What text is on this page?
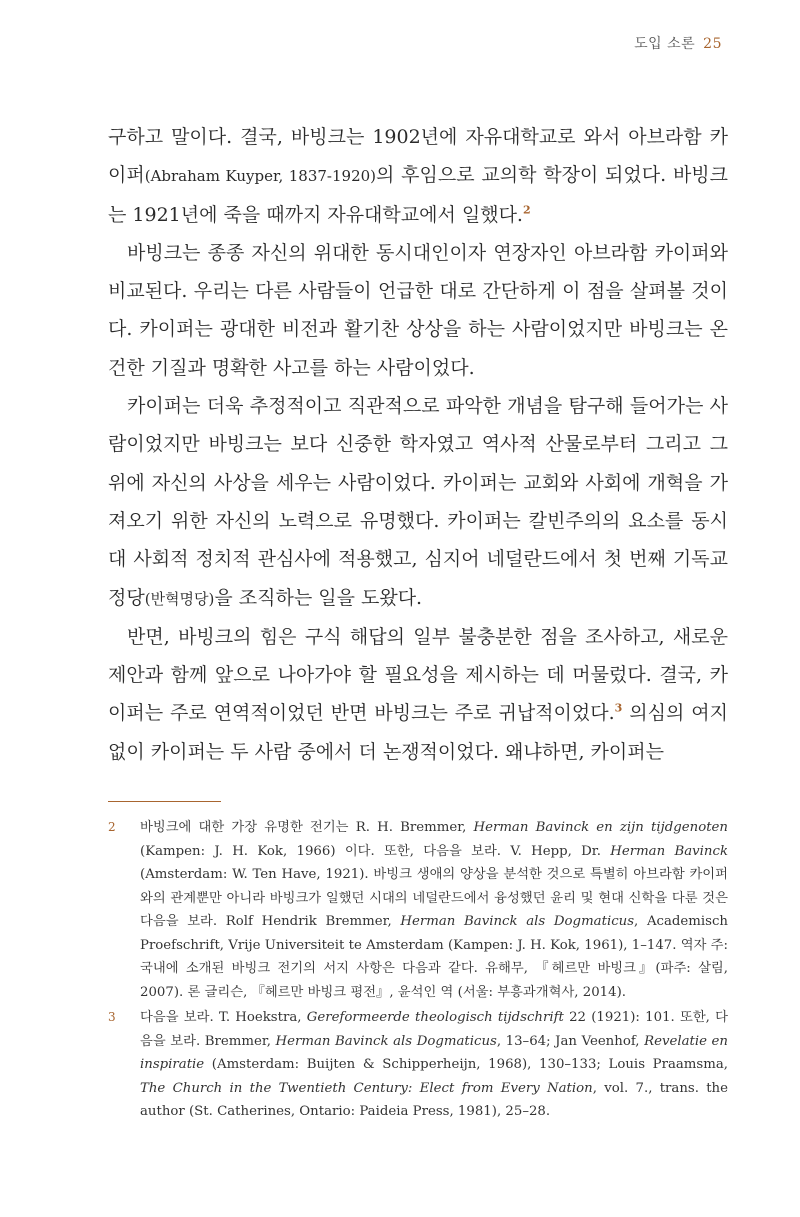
도입 소론 25

구하고 말이다. 결국, 바빙크는 1902년에 자유대학교로 와서 아브라함 카이퍼(Abraham Kuyper, 1837-1920)의 후임으로 교의학 학장이 되었다. 바빙크는 1921년에 죽을 때까지 자유대학교에서 일했다.$^2$

바빙크는 종종 자신의 위대한 동시대인이자 연장자인 아브라함 카이퍼와 비교된다. 우리는 다른 사람들이 언급한 대로 간단하게 이 점을 살펴볼 것이다. 카이퍼는 광대한 비전과 활기찬 상상을 하는 사람이었지만 바빙크는 온건한 기질과 명확한 사고를 하는 사람이었다.

카이퍼는 더욱 추정적이고 직관적으로 파악한 개념을 탐구해 들어가는 사람이었지만 바빙크는 보다 신중한 학자였고 역사적 산물로부터 그리고 그 위에 자신의 사상을 세우는 사람이었다. 카이퍼는 교회와 사회에 개혁을 가져오기 위한 자신의 노력으로 유명했다. 카이퍼는 칼빈주의의 요소를 동시대 사회적 정치적 관심사에 적용했고, 심지어 네덜란드에서 첫 번째 기독교 정당(반혁명당)을 조직하는 일을 도왔다.

반면, 바빙크의 힘은 구식 해답의 일부 불충분한 점을 조사하고, 새로운 제안과 함께 앞으로 나아가야 할 필요성을 제시하는 데 머물렀다. 결국, 카이퍼는 주로 연역적이었던 반면 바빙크는 주로 귀납적이었다.$^3$ 의심의 여지 없이 카이퍼는 두 사람 중에서 더 논쟁적이었다. 왜냐하면, 카이퍼는

2	바빙크에 대한 가장 유명한 전기는 R. H. Bremmer, Herman Bavinck en zijn tijdgenoten (Kampen: J. H. Kok, 1966) 이다. 또한, 다음을 보라. V. Hepp, Dr. Herman Bavinck (Amsterdam: W. Ten Have, 1921). 바빙크 생애의 양상을 분석한 것으로 특별히 아브라함 카이퍼와의 관계뿐만 아니라 바빙크가 일했던 시대의 네덜란드에서 융성했던 윤리 및 현대 신학을 다룬 것은 다음을 보라. Rolf Hendrik Bremmer, Herman Bavinck als Dogmaticus, Academisch Proefschrift, Vrije Universiteit te Amsterdam (Kampen: J. H. Kok, 1961), 1–147. 역자 주: 국내에 소개된 바빙크 전기의 서지 사항은 다음과 같다. 유해무, 『헤르만 바빙크』(파주: 살림, 2007). 론 글리슨, 『헤르만 바빙크 평전』, 윤석인 역 (서울: 부흥과개혁사, 2014).
3	다음을 보라. T. Hoekstra, Gereformeerde theologisch tijdschrift 22 (1921): 101. 또한, 다음을 보라. Bremmer, Herman Bavinck als Dogmaticus, 13–64; Jan Veenhof, Revelatie en inspiratie (Amsterdam: Buijten & Schipperheijn, 1968), 130–133; Louis Praamsma, The Church in the Twentieth Century: Elect from Every Nation, vol. 7., trans. the author (St. Catherines, Ontario: Paideia Press, 1981), 25–28.
